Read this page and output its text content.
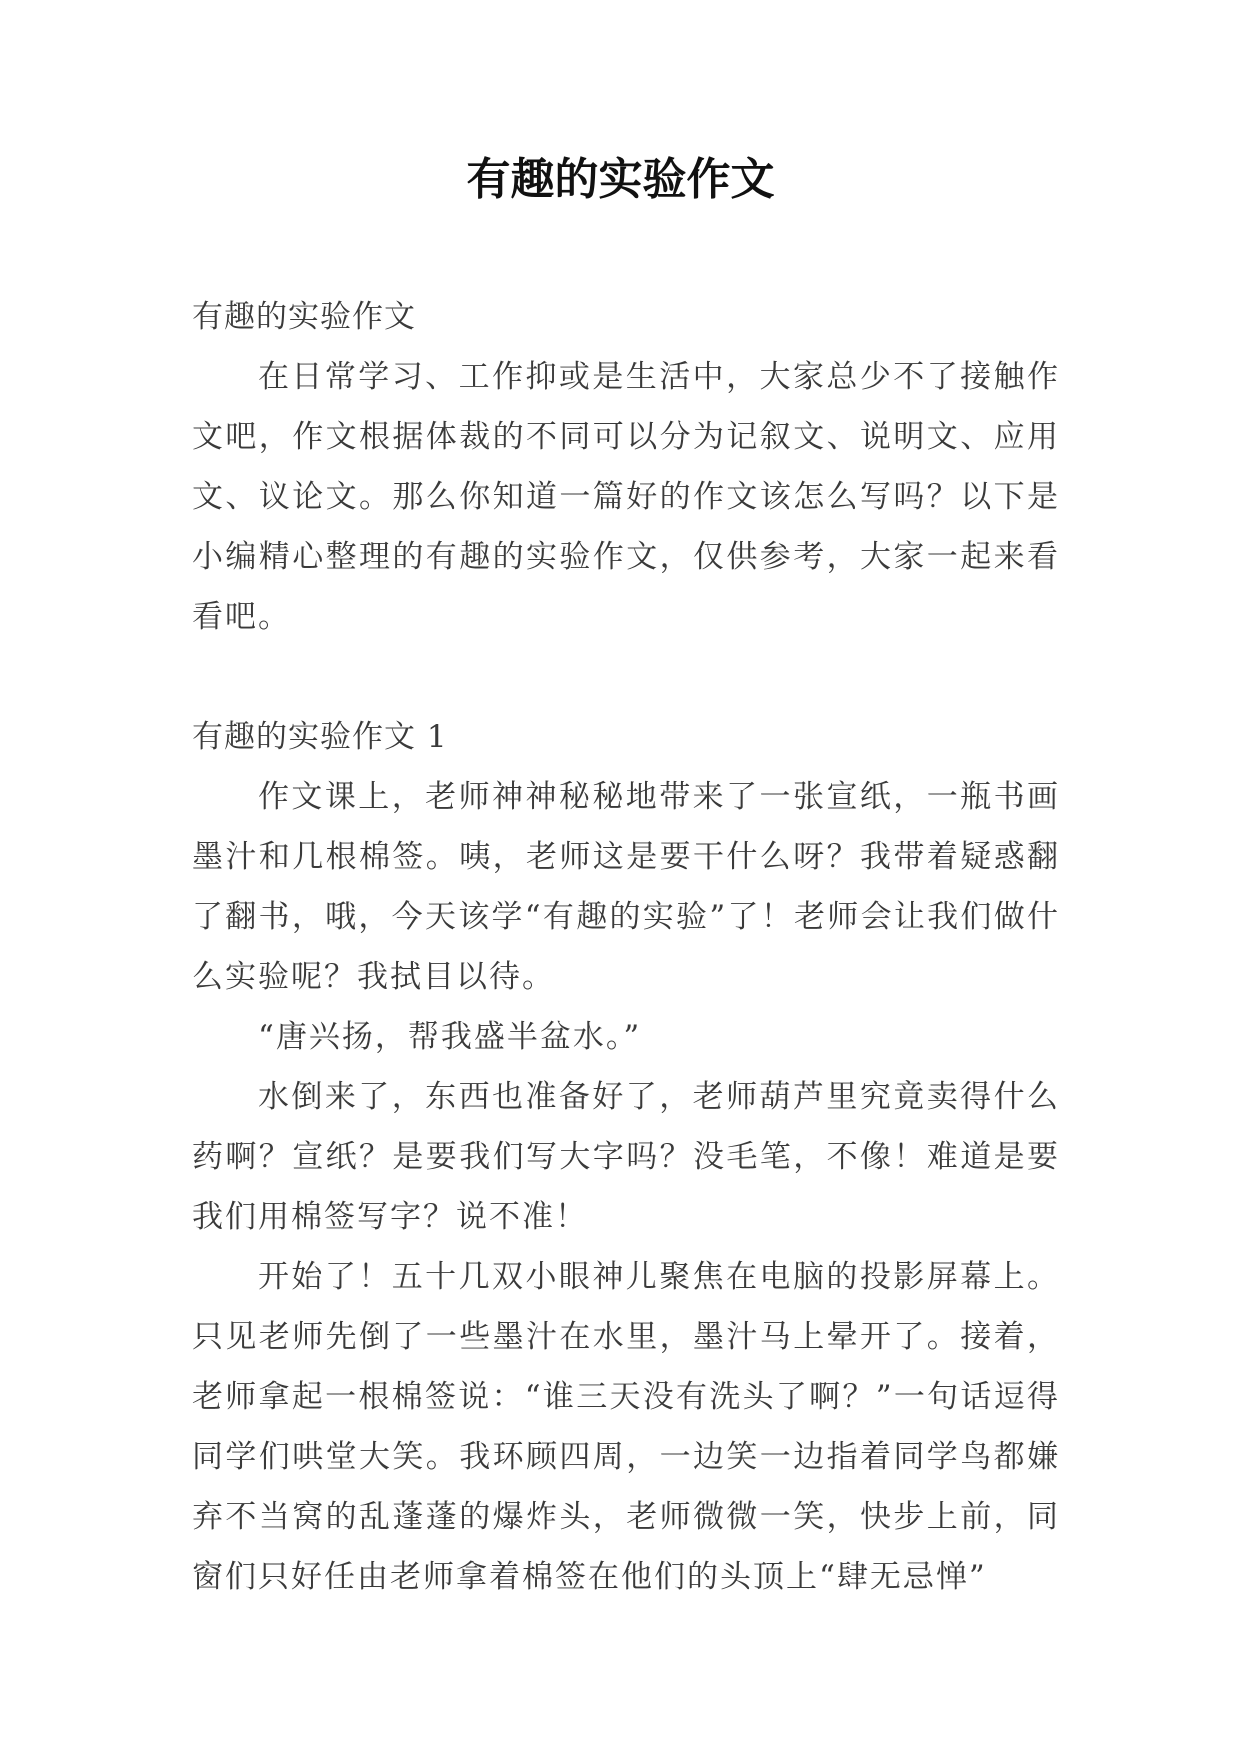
有趣的实验作文

有趣的实验作文

在日常学习、工作抑或是生活中，大家总少不了接触作文吧，作文根据体裁的不同可以分为记叙文、说明文、应用文、议论文。那么你知道一篇好的作文该怎么写吗？以下是小编精心整理的有趣的实验作文，仅供参考，大家一起来看看吧。

有趣的实验作文 1

作文课上，老师神神秘秘地带来了一张宣纸，一瓶书画墨汁和几根棉签。咦，老师这是要干什么呀？我带着疑惑翻了翻书，哦，今天该学“有趣的实验”了！老师会让我们做什么实验呢？我拭目以待。

“唐兴扬，帮我盛半盆水。”

水倒来了，东西也准备好了，老师葫芦里究竟卖得什么药啊？宣纸？是要我们写大字吗？没毛笔，不像！难道是要我们用棉签写字？说不准！

开始了！五十几双小眼神儿聚焦在电脑的投影屏幕上。只见老师先倒了一些墨汁在水里，墨汁马上晕开了。接着，老师拿起一根棉签说：“谁三天没有洗头了啊？”一句话逗得同学们哄堂大笑。我环顾四周，一边笑一边指着同学鸟都嫌弃不当窝的乱蓬蓬的爆炸头，老师微微一笑，快步上前，同窗们只好任由老师拿着棉签在他们的头顶上“肆无忌惮”
